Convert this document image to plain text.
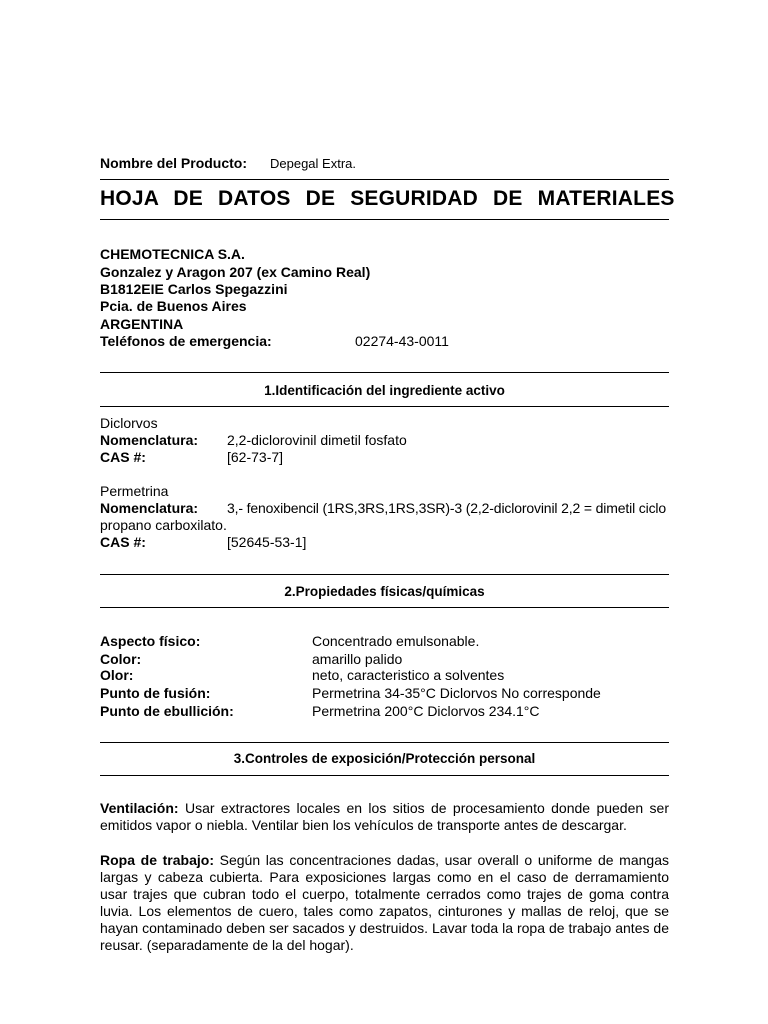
Nombre del Producto: Depegal Extra.
HOJA DE DATOS DE SEGURIDAD DE MATERIALES
CHEMOTECNICA S.A.
Gonzalez y Aragon 207 (ex Camino Real)
B1812EIE Carlos Spegazzini
Pcia. de Buenos Aires
ARGENTINA
Teléfonos de emergencia:	02274-43-0011
1.Identificación del ingrediente activo
Diclorvos
Nomenclatura: 2,2-diclorovinil dimetil fosfato
CAS #:	[62-73-7]
Permetrina
Nomenclatura: 3,- fenoxibencil (1RS,3RS,1RS,3SR)-3 (2,2-diclorovinil 2,2 = dimetil ciclo
propano carboxilato.
CAS #:	[52645-53-1]
2.Propiedades físicas/químicas
Aspecto físico:	Concentrado emulsonable.
Color:	amarillo palido
Olor:	neto, caracteristico a solventes
Punto de fusión:	Permetrina 34-35°C Diclorvos No corresponde
Punto de ebullición:	Permetrina 200°C Diclorvos 234.1°C
3.Controles de exposición/Protección personal
Ventilación: Usar extractores locales en los sitios de procesamiento donde pueden ser emitidos vapor o niebla. Ventilar bien los vehículos de transporte antes de descargar.
Ropa de trabajo: Según las concentraciones dadas, usar overall o uniforme de mangas largas y cabeza cubierta. Para exposiciones largas como en el caso de derramamiento usar trajes que cubran todo el cuerpo, totalmente cerrados como trajes de goma contra luvia. Los elementos de cuero, tales como zapatos, cinturones y mallas de reloj, que se hayan contaminado deben ser sacados y destruidos. Lavar toda la ropa de trabajo antes de reusar. (separadamente de la del hogar).
